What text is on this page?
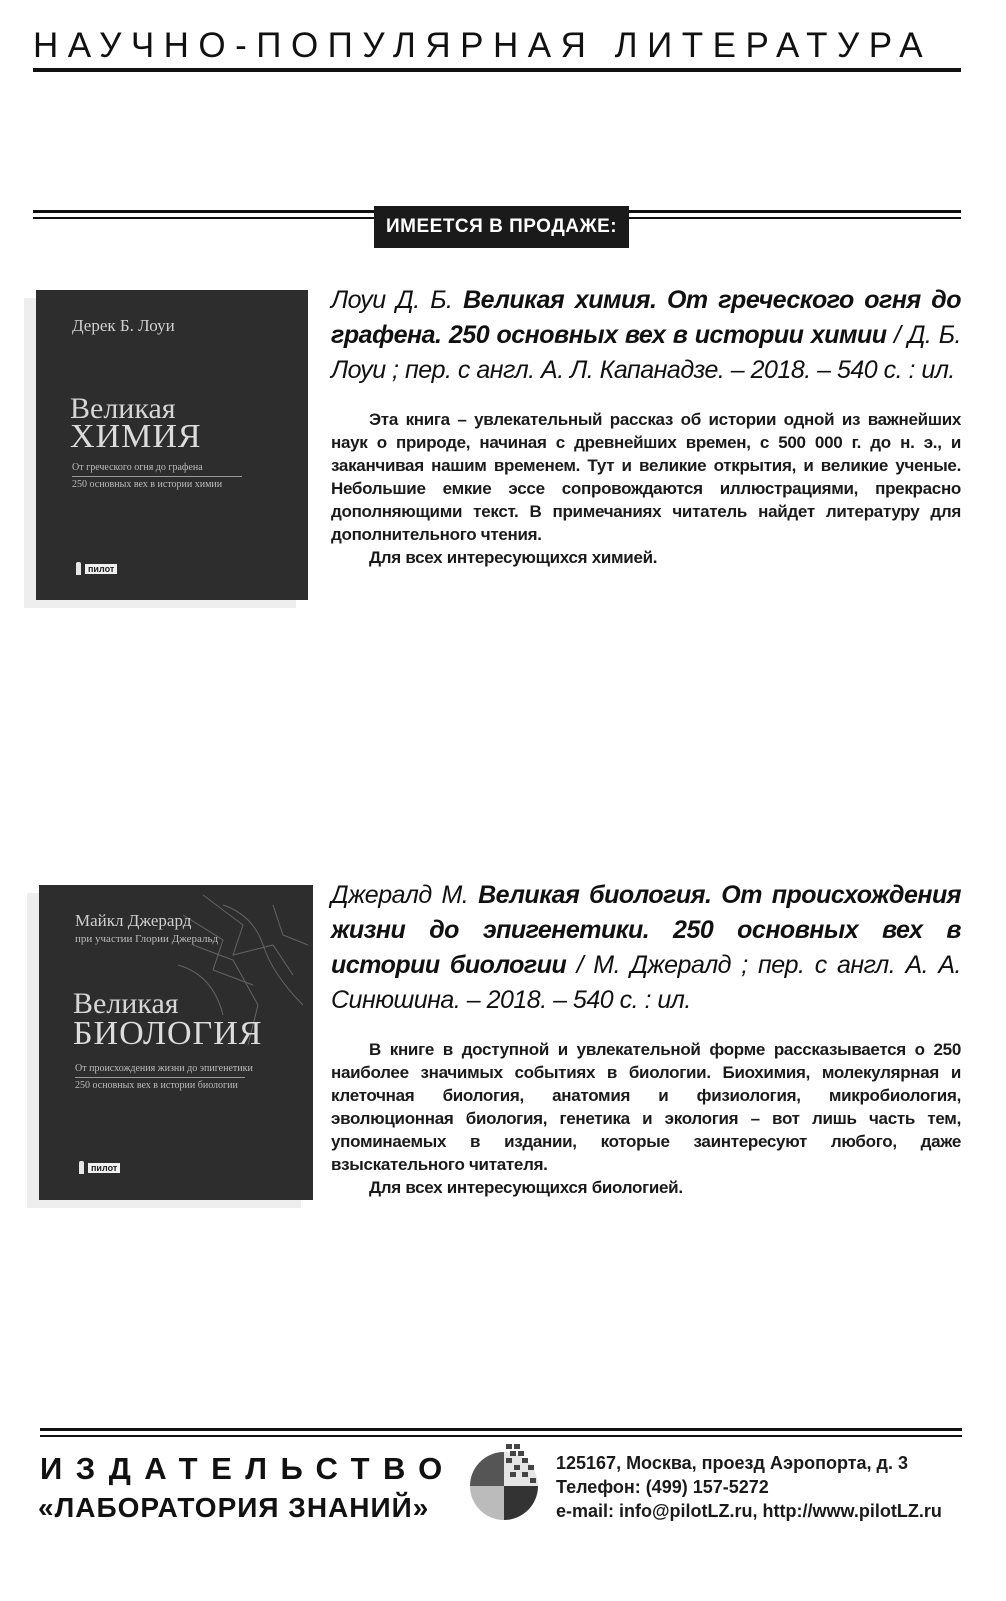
НАУЧНО-ПОПУЛЯРНАЯ ЛИТЕРАТУРА
ИМЕЕТСЯ В ПРОДАЖЕ:
Дерек Б. Лоуи
Великая
ХИМИЯ
От греческого огня до графена
250 основных вех в истории химии
пилот

Лоуи Д. Б. Великая химия. От греческого огня до графена. 250 основных вех в истории химии / Д. Б. Лоуи ; пер. с англ. А. Л. Капанадзе. – 2018. – 540 с. : ил.

Эта книга – увлекательный рассказ об истории одной из важнейших наук о природе, начиная с древнейших времен, с 500 000 г. до н. э., и заканчивая нашим временем. Тут и великие открытия, и великие ученые. Небольшие емкие эссе сопровождаются иллюстрациями, прекрасно дополняющими текст. В примечаниях читатель найдет литературу для дополнительного чтения.

Для всех интересующихся химией.

Майкл Джерард
при участии Глории Джеральд
Великая
БИОЛОГИЯ
От происхождения жизни до эпигенетики
250 основных вех в истории биологии
пилот

Джералд М. Великая биология. От происхождения жизни до эпигенетики. 250 основных вех в истории биологии / М. Джералд ; пер. с англ. А. А. Синюшина. – 2018. – 540 с. : ил.

В книге в доступной и увлекательной форме рассказывается о 250 наиболее значимых событиях в биологии. Биохимия, молекулярная и клеточная биология, анатомия и физиология, микробиология, эволюционная биология, генетика и экология – вот лишь часть тем, упоминаемых в издании, которые заинтересуют любого, даже взыскательного читателя.

Для всех интересующихся биологией.

ИЗДАТЕЛЬСТВО
«ЛАБОРАТОРИЯ ЗНАНИЙ»
125167, Москва, проезд Аэропорта, д. 3
Телефон: (499) 157-5272
e-mail: info@pilotLZ.ru, http://www.pilotLZ.ru
